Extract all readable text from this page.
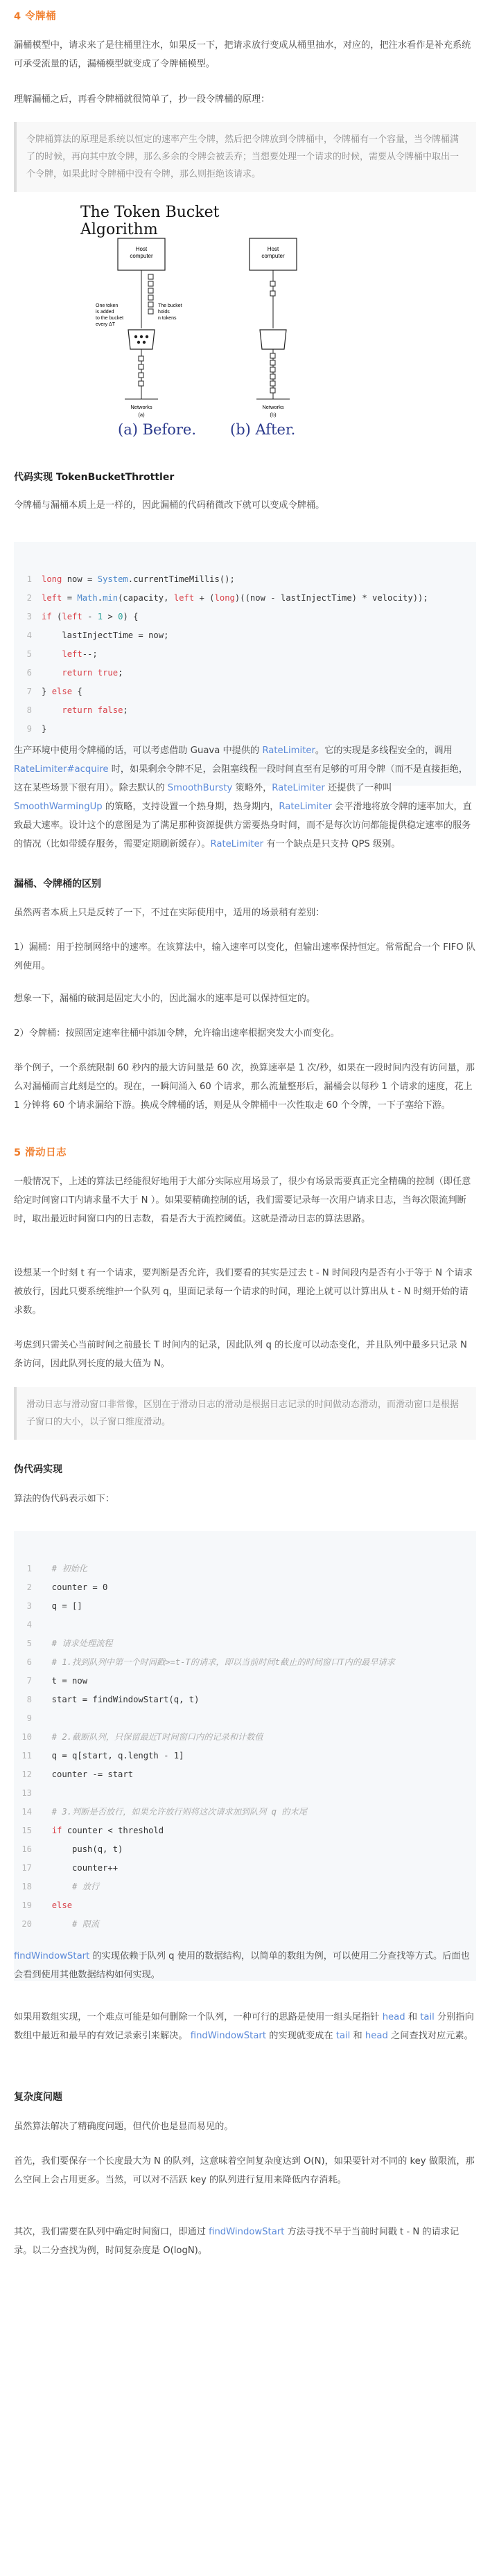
4 令牌桶

漏桶模型中，请求来了是往桶里注水，如果反一下，把请求放行变成从桶里抽水，对应的，把注水看作是补充系统可承受流量的话，漏桶模型就变成了令牌桶模型。

理解漏桶之后，再看令牌桶就很简单了，抄一段令牌桶的原理：

令牌桶算法的原理是系统以恒定的速率产生令牌，然后把令牌放到令牌桶中，令牌桶有一个容量，当令牌桶满了的时候，再向其中放令牌，那么多余的令牌会被丢弃；当想要处理一个请求的时候，需要从令牌桶中取出一个令牌，如果此时令牌桶中没有令牌，那么则拒绝该请求。

The Token Bucket Algorithm
Host
computer
One token
is added
to the bucket
every ΔT
The bucket
holds
n tokens
Networks
(a)
Host
computer
Networks
(b)
(a) Before. (b) After.
代码实现 TokenBucketThrottler

令牌桶与漏桶本质上是一样的，因此漏桶的代码稍微改下就可以变成令牌桶。

1 long now = System.currentTimeMillis();
2 left = Math.min(capacity, left + (long)((now - lastInjectTime) * velocity));
3 if (left - 1 > 0) {
4    lastInjectTime = now;
5	left--;
6	return true;
7 } else {
8	return false;
9 }

生产环境中使用令牌桶的话，可以考虑借助 Guava 中提供的 RateLimiter。它的实现是多线程安全的，调用 RateLimiter#acquire 时，如果剩余令牌不足，会阻塞线程一段时间直至有足够的可用令牌（而不是直接拒绝，这在某些场景下很有用）。除去默认的 SmoothBursty 策略外，RateLimiter 还提供了一种叫 SmoothWarmingUp 的策略，支持设置一个热身期，热身期内，RateLimiter 会平滑地将放令牌的速率加大，直致最大速率。设计这个的意图是为了满足那种资源提供方需要热身时间，而不是每次访问都能提供稳定速率的服务的情况（比如带缓存服务，需要定期刷新缓存）。RateLimiter 有一个缺点是只支持 QPS 级别。

漏桶、令牌桶的区别

虽然两者本质上只是反转了一下，不过在实际使用中，适用的场景稍有差别：

1）漏桶：用于控制网络中的速率。在该算法中，输入速率可以变化，但输出速率保持恒定。常常配合一个 FIFO 队列使用。

想象一下，漏桶的破洞是固定大小的，因此漏水的速率是可以保持恒定的。

2）令牌桶：按照固定速率往桶中添加令牌，允许输出速率根据突发大小而变化。

举个例子，一个系统限制 60 秒内的最大访问量是 60 次，换算速率是 1 次/秒，如果在一段时间内没有访问量，那么对漏桶而言此刻是空的。现在，一瞬间涌入 60 个请求，那么流量整形后，漏桶会以每秒 1 个请求的速度，花上 1 分钟将 60 个请求漏给下游。换成令牌桶的话，则是从令牌桶中一次性取走 60 个令牌，一下子塞给下游。

5 滑动日志

一般情况下，上述的算法已经能很好地用于大部分实际应用场景了，很少有场景需要真正完全精确的控制（即任意给定时间窗口T内请求量不大于 N ）。如果要精确控制的话，我们需要记录每一次用户请求日志，当每次限流判断时，取出最近时间窗口内的日志数，看是否大于流控阈值。这就是滑动日志的算法思路。

设想某一个时刻 t 有一个请求，要判断是否允许，我们要看的其实是过去 t - N 时间段内是否有小于等于 N 个请求被放行，因此只要系统维护一个队列 q，里面记录每一个请求的时间，理论上就可以计算出从 t - N 时刻开始的请求数。

考虑到只需关心当前时间之前最长 T 时间内的记录，因此队列 q 的长度可以动态变化，并且队列中最多只记录 N 条访问，因此队列长度的最大值为 N。

滑动日志与滑动窗口非常像，区别在于滑动日志的滑动是根据日志记录的时间做动态滑动，而滑动窗口是根据子窗口的大小，以子窗口维度滑动。

伪代码实现

算法的伪代码表示如下：

1  # 初始化
2  counter = 0
3  q = []
4
5  # 请求处理流程
6  # 1.找到队列中第一个时间戳>=t-T的请求，即以当前时间t截止的时间窗口T内的最早请求
7  t = now
8  start = findWindowStart(q, t)
9
10  # 2.截断队列，只保留最近T时间窗口内的记录和计数值
11  q = q[start, q.length - 1]
12  counter -= start
13
14  # 3.判断是否放行，如果允许放行则将这次请求加到队列 q 的末尾
15 if counter < threshold
16      push(q, t)
17      counter++
18      # 放行
19 else
20      # 限流

findWindowStart 的实现依赖于队列 q 使用的数据结构，以简单的数组为例，可以使用二分查找等方式。后面也会看到使用其他数据结构如何实现。

如果用数组实现，一个难点可能是如何删除一个队列，一种可行的思路是使用一组头尾指针 head 和 tail 分别指向数组中最近和最早的有效记录索引来解决。 findWindowStart 的实现就变成在 tail 和 head 之间查找对应元素。

复杂度问题

虽然算法解决了精确度问题，但代价也是显而易见的。

首先，我们要保存一个长度最大为 N 的队列，这意味着空间复杂度达到 O(N)，如果要针对不同的 key 做限流，那么空间上会占用更多。当然，可以对不活跃 key 的队列进行复用来降低内存消耗。

其次，我们需要在队列中确定时间窗口，即通过 findWindowStart 方法寻找不早于当前时间戳 t - N 的请求记录。以二分查找为例，时间复杂度是 O(logN)。
